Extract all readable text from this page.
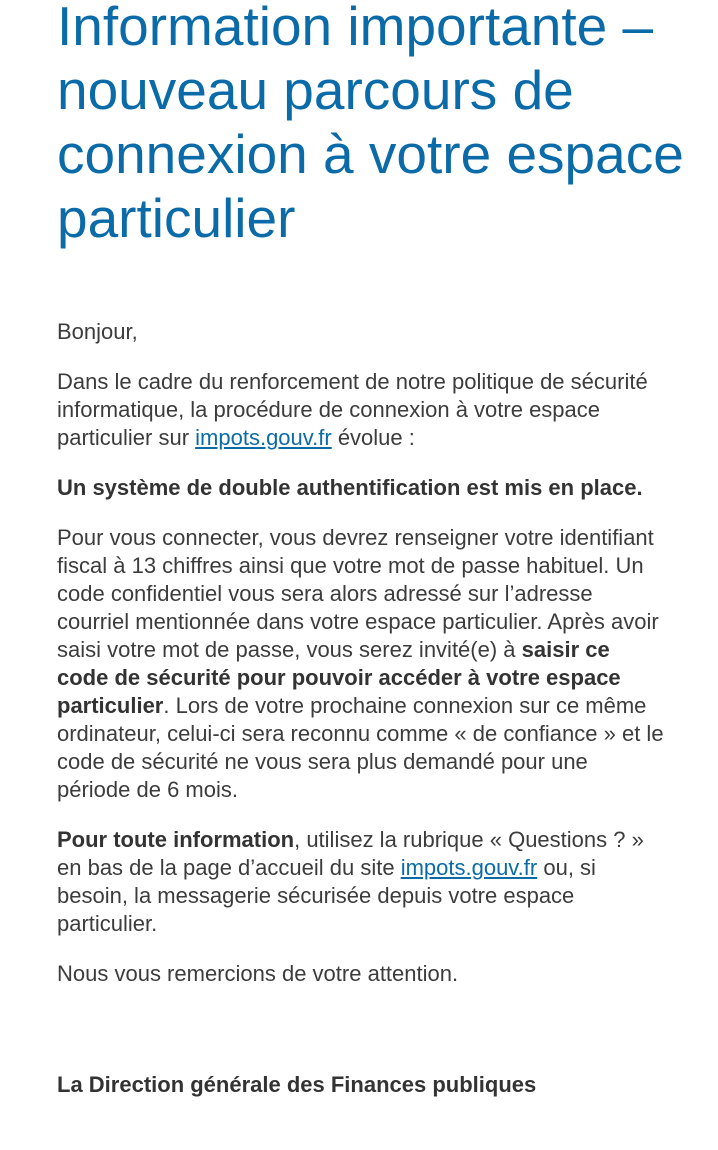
Information importante – nouveau parcours de connexion à votre espace particulier

Bonjour,

Dans le cadre du renforcement de notre politique de sécurité informatique, la procédure de connexion à votre espace particulier sur impots.gouv.fr évolue :

Un système de double authentification est mis en place.

Pour vous connecter, vous devrez renseigner votre identifiant fiscal à 13 chiffres ainsi que votre mot de passe habituel. Un code confidentiel vous sera alors adressé sur l’adresse courriel mentionnée dans votre espace particulier. Après avoir saisi votre mot de passe, vous serez invité(e) à saisir ce code de sécurité pour pouvoir accéder à votre espace particulier. Lors de votre prochaine connexion sur ce même ordinateur, celui-ci sera reconnu comme « de confiance » et le code de sécurité ne vous sera plus demandé pour une période de 6 mois.

Pour toute information, utilisez la rubrique « Questions ? » en bas de la page d’accueil du site impots.gouv.fr ou, si besoin, la messagerie sécurisée depuis votre espace particulier.

Nous vous remercions de votre attention.

La Direction générale des Finances publiques
